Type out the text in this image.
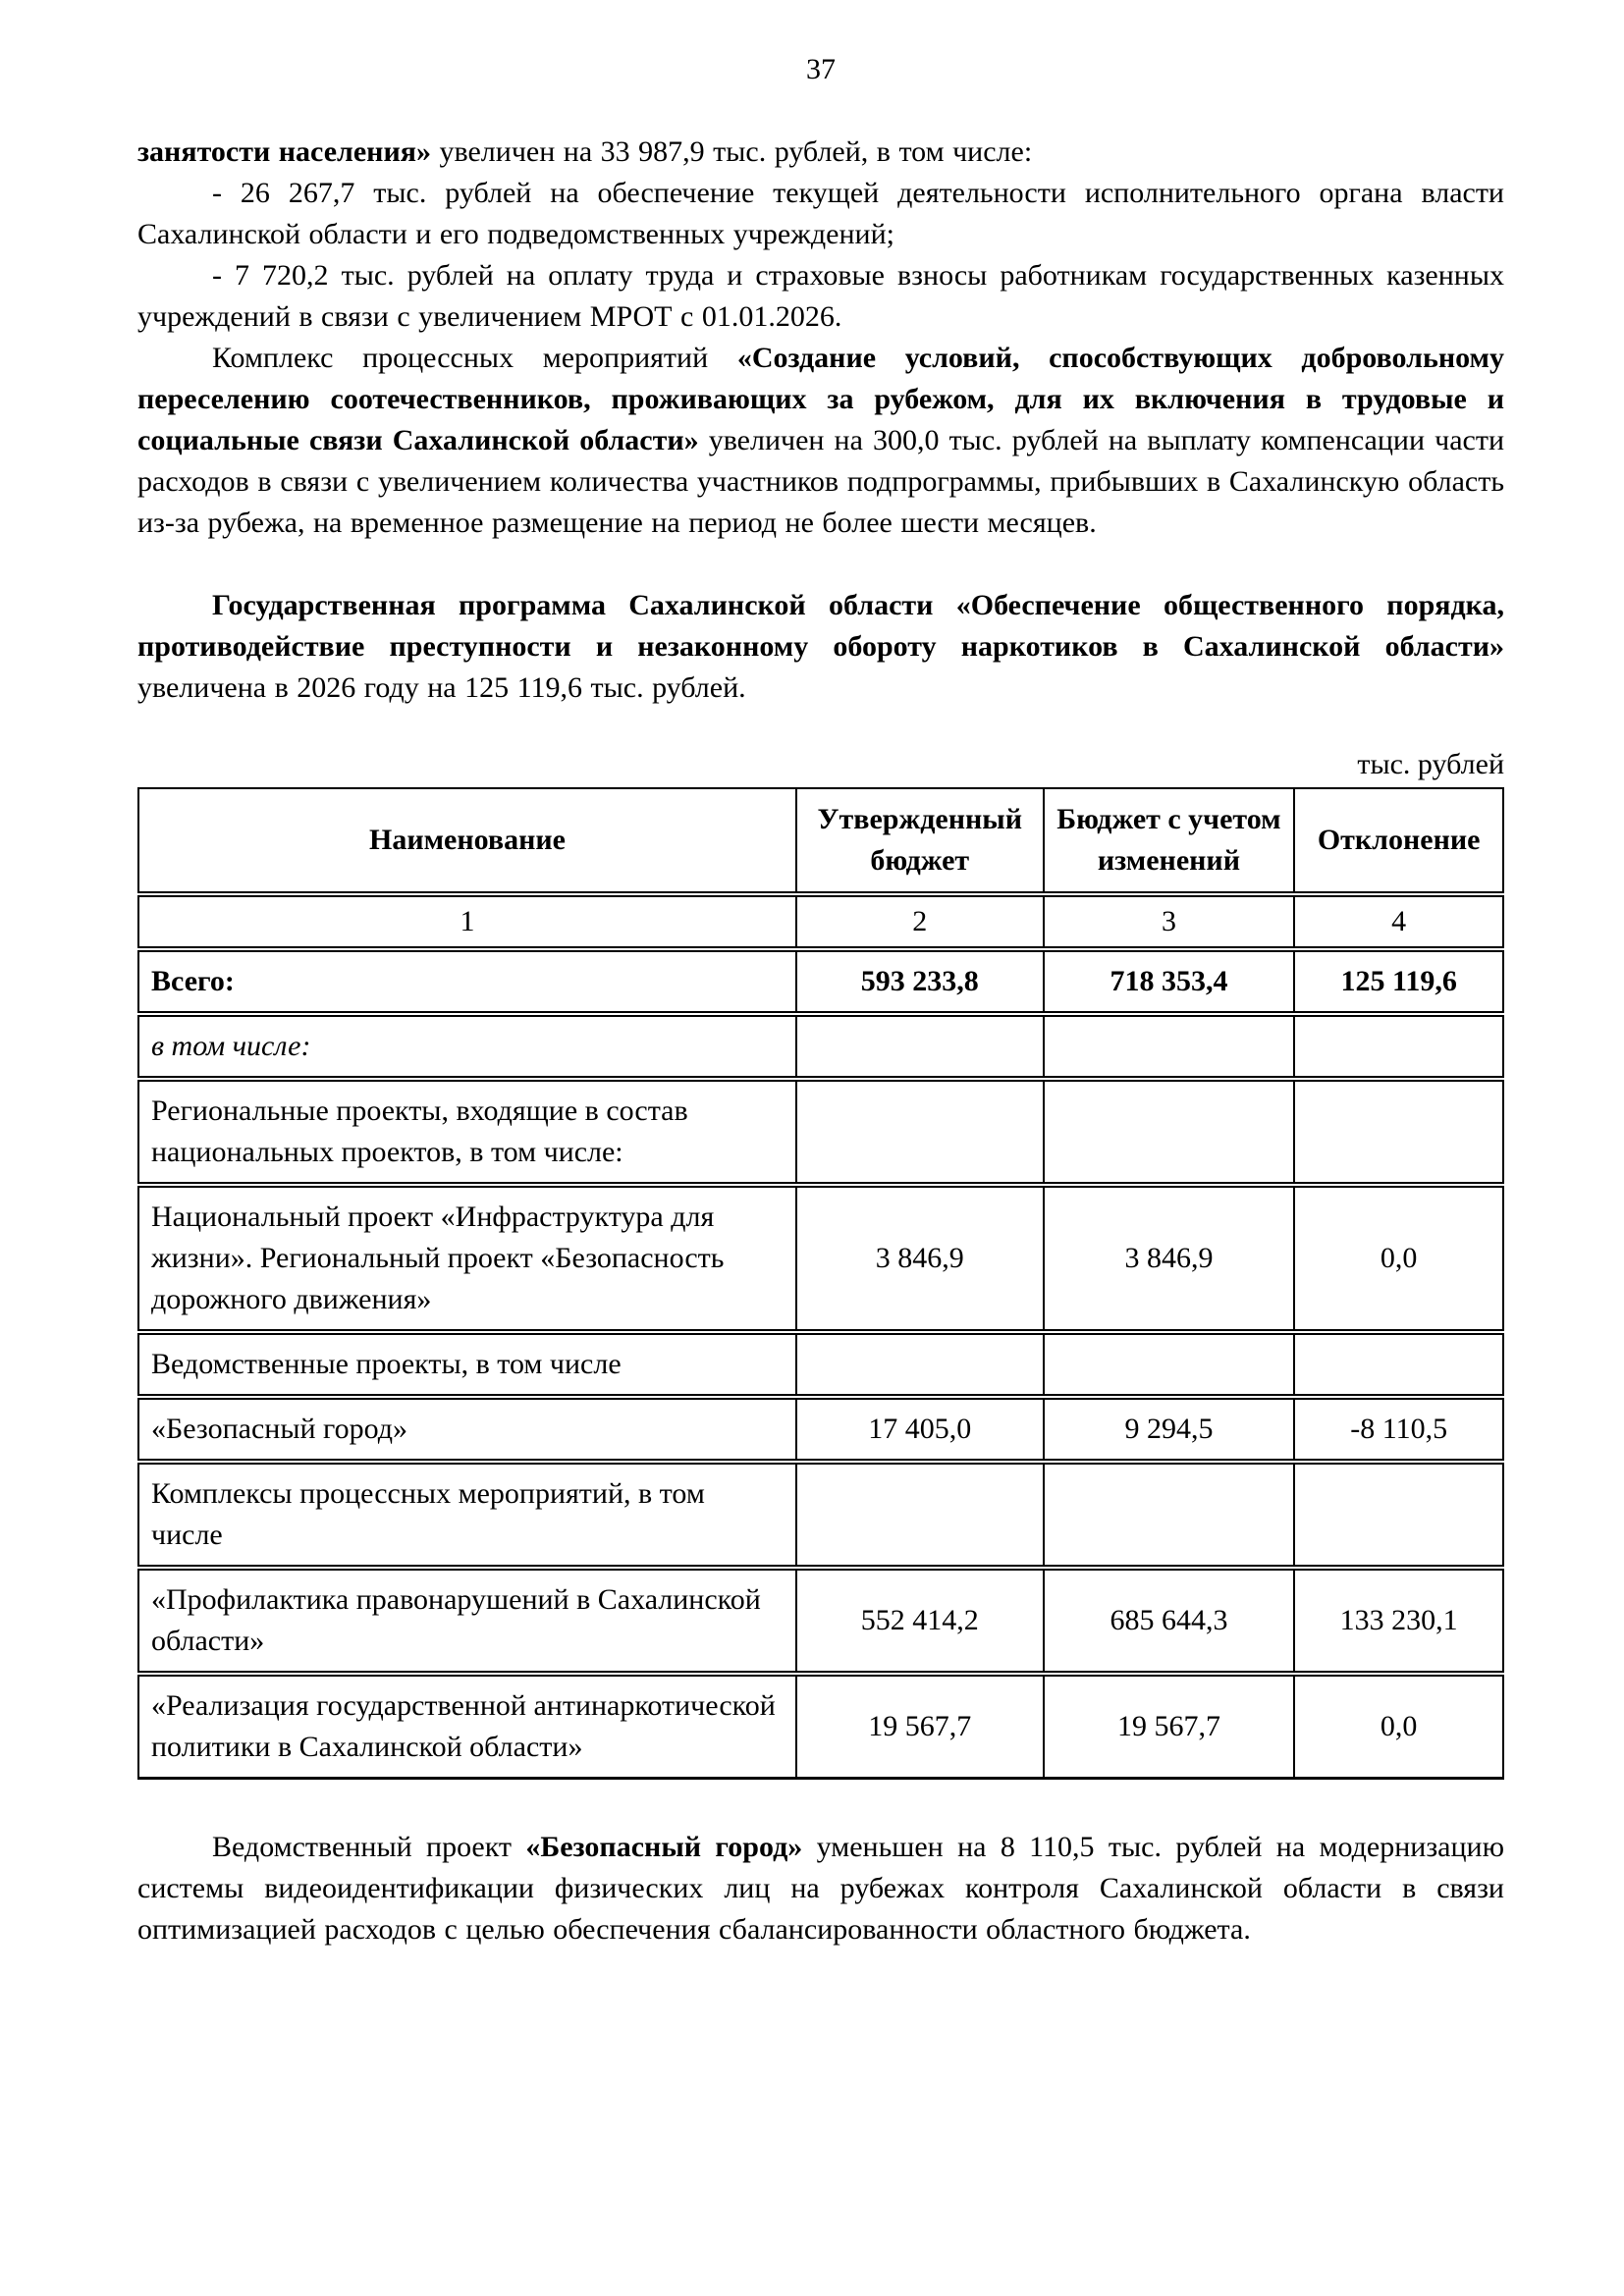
37

занятости населения» увеличен на 33 987,9 тыс. рублей, в том числе:

- 26 267,7 тыс. рублей на обеспечение текущей деятельности исполнительного органа власти Сахалинской области и его подведомственных учреждений;

- 7 720,2 тыс. рублей на оплату труда и страховые взносы работникам государственных казенных учреждений в связи с увеличением МРОТ с 01.01.2026.

Комплекс процессных мероприятий «Создание условий, способствующих добровольному переселению соотечественников, проживающих за рубежом, для их включения в трудовые и социальные связи Сахалинской области» увеличен на 300,0 тыс. рублей на выплату компенсации части расходов в связи с увеличением количества участников подпрограммы, прибывших в Сахалинскую область из-за рубежа, на временное размещение на период не более шести месяцев.

Государственная программа Сахалинской области «Обеспечение общественного порядка, противодействие преступности и незаконному обороту наркотиков в Сахалинской области» увеличена в 2026 году на 125 119,6 тыс. рублей.

тыс. рублей
Наименование	Утвержденный бюджет	Бюджет с учетом изменений	Отклонение
1	2	3	4
Всего:	593 233,8	718 353,4	125 119,6
в том числе:			
Региональные проекты, входящие в состав национальных проектов, в том числе:			
Национальный проект «Инфраструктура для жизни». Региональный проект «Безопасность дорожного движения»	3 846,9	3 846,9	0,0
Ведомственные проекты, в том числе			
«Безопасный город»	17 405,0	9 294,5	-8 110,5
Комплексы процессных мероприятий, в том числе			
«Профилактика правонарушений в Сахалинской области»	552 414,2	685 644,3	133 230,1
«Реализация государственной антинаркотической политики в Сахалинской области»	19 567,7	19 567,7	0,0

Ведомственный проект «Безопасный город» уменьшен на 8 110,5 тыс. рублей на модернизацию системы видеоидентификации физических лиц на рубежах контроля Сахалинской области в связи оптимизацией расходов с целью обеспечения сбалансированности областного бюджета.
